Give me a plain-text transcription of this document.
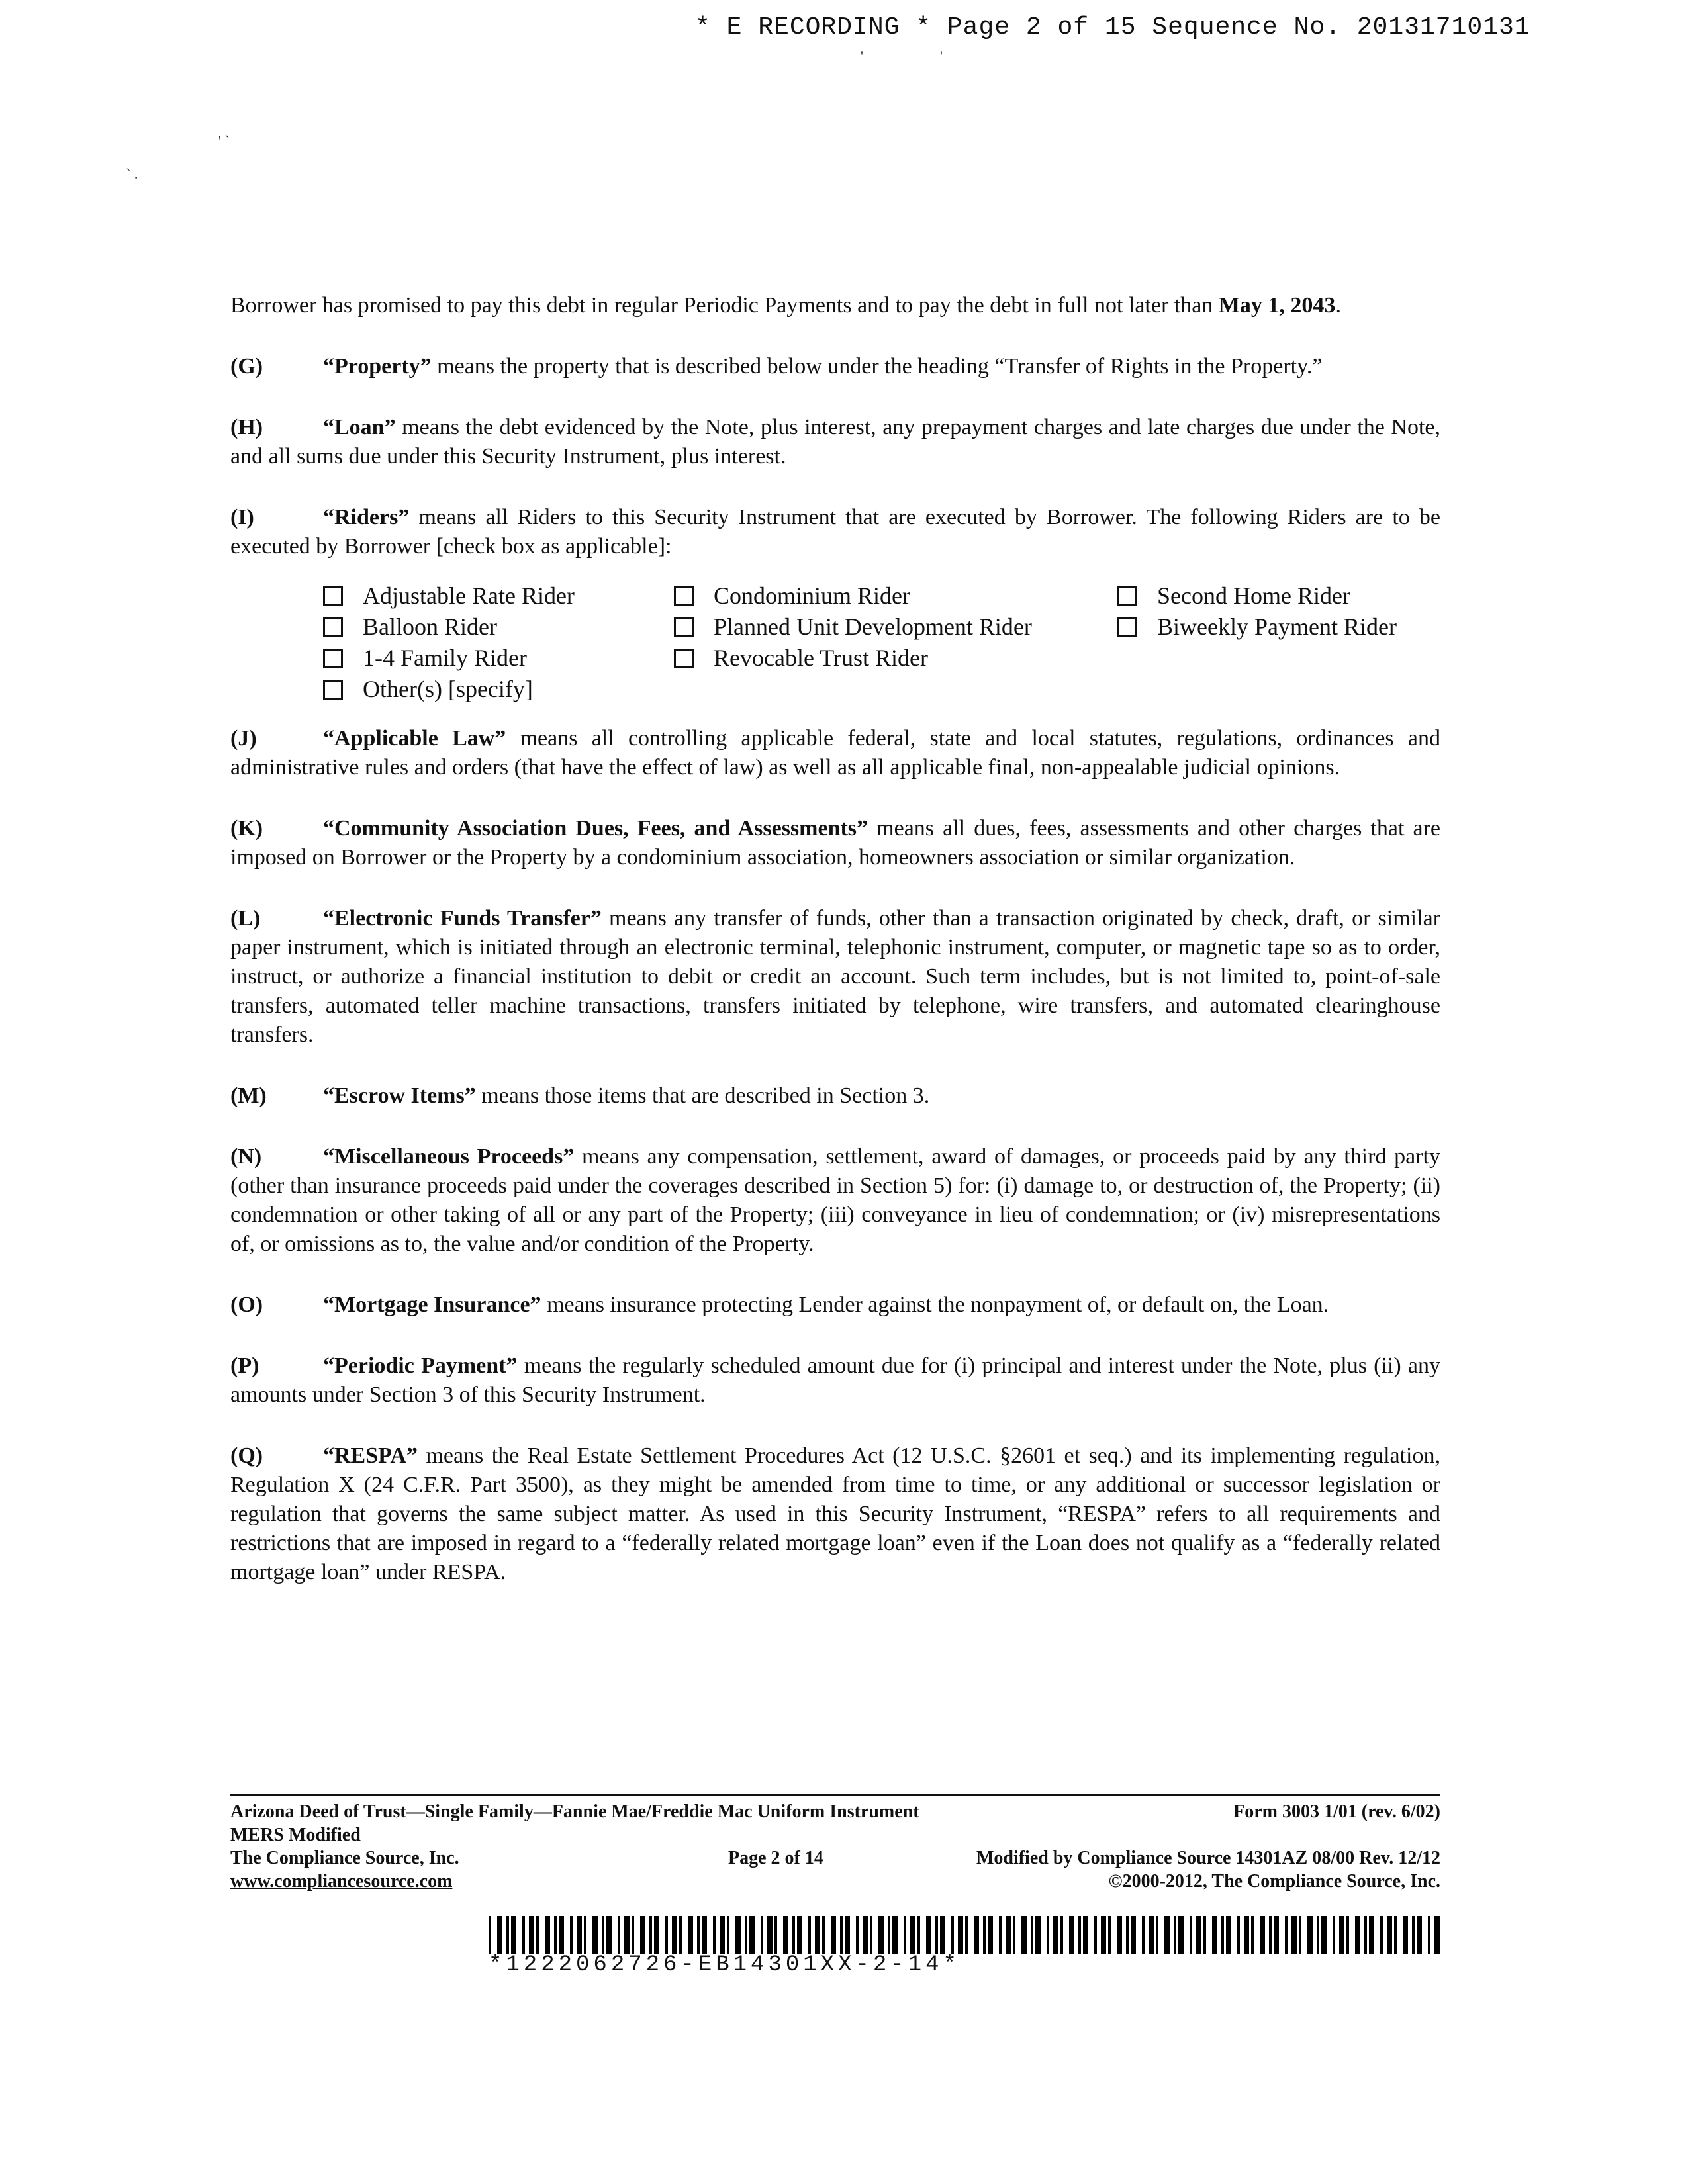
* E RECORDING * Page 2 of 15 Sequence No. 20131710131
'	'
' `
` .

Borrower has promised to pay this debt in regular Periodic Payments and to pay the debt in full not later than May 1, 2043.

(G)	“Property” means the property that is described below under the heading “Transfer of Rights in the Property.”

(H)	“Loan” means the debt evidenced by the Note, plus interest, any prepayment charges and late charges due under the Note, and all sums due under this Security Instrument, plus interest.

(I)	“Riders” means all Riders to this Security Instrument that are executed by Borrower. The following Riders are to be executed by Borrower [check box as applicable]:

Adjustable Rate Rider	Condominium Rider	Second Home Rider
Balloon Rider	Planned Unit Development Rider	Biweekly Payment Rider
1-4 Family Rider	Revocable Trust Rider
Other(s) [specify]

(J)	“Applicable Law” means all controlling applicable federal, state and local statutes, regulations, ordinances and administrative rules and orders (that have the effect of law) as well as all applicable final, non-appealable judicial opinions.

(K)	“Community Association Dues, Fees, and Assessments” means all dues, fees, assessments and other charges that are imposed on Borrower or the Property by a condominium association, homeowners association or similar organization.

(L)	“Electronic Funds Transfer” means any transfer of funds, other than a transaction originated by check, draft, or similar paper instrument, which is initiated through an electronic terminal, telephonic instrument, computer, or magnetic tape so as to order, instruct, or authorize a financial institution to debit or credit an account. Such term includes, but is not limited to, point-of-sale transfers, automated teller machine transactions, transfers initiated by telephone, wire transfers, and automated clearinghouse transfers.

(M)	“Escrow Items” means those items that are described in Section 3.

(N)	“Miscellaneous Proceeds” means any compensation, settlement, award of damages, or proceeds paid by any third party (other than insurance proceeds paid under the coverages described in Section 5) for: (i) damage to, or destruction of, the Property; (ii) condemnation or other taking of all or any part of the Property; (iii) conveyance in lieu of condemnation; or (iv) misrepresentations of, or omissions as to, the value and/or condition of the Property.

(O)	“Mortgage Insurance” means insurance protecting Lender against the nonpayment of, or default on, the Loan.

(P)	“Periodic Payment” means the regularly scheduled amount due for (i) principal and interest under the Note, plus (ii) any amounts under Section 3 of this Security Instrument.

(Q)	“RESPA” means the Real Estate Settlement Procedures Act (12 U.S.C. §2601 et seq.) and its implementing regulation, Regulation X (24 C.F.R. Part 3500), as they might be amended from time to time, or any additional or successor legislation or regulation that governs the same subject matter. As used in this Security Instrument, “RESPA” refers to all requirements and restrictions that are imposed in regard to a “federally related mortgage loan” even if the Loan does not qualify as a “federally related mortgage loan” under RESPA.

Arizona Deed of Trust—Single Family—Fannie Mae/Freddie Mac Uniform Instrument	Form 3003 1/01 (rev. 6/02)
MERS Modified
The Compliance Source, Inc.	Page 2 of 14	Modified by Compliance Source 14301AZ 08/00 Rev. 12/12
www.compliancesource.com	©2000-2012, The Compliance Source, Inc.
*1222062726-EB14301XX-2-14*
